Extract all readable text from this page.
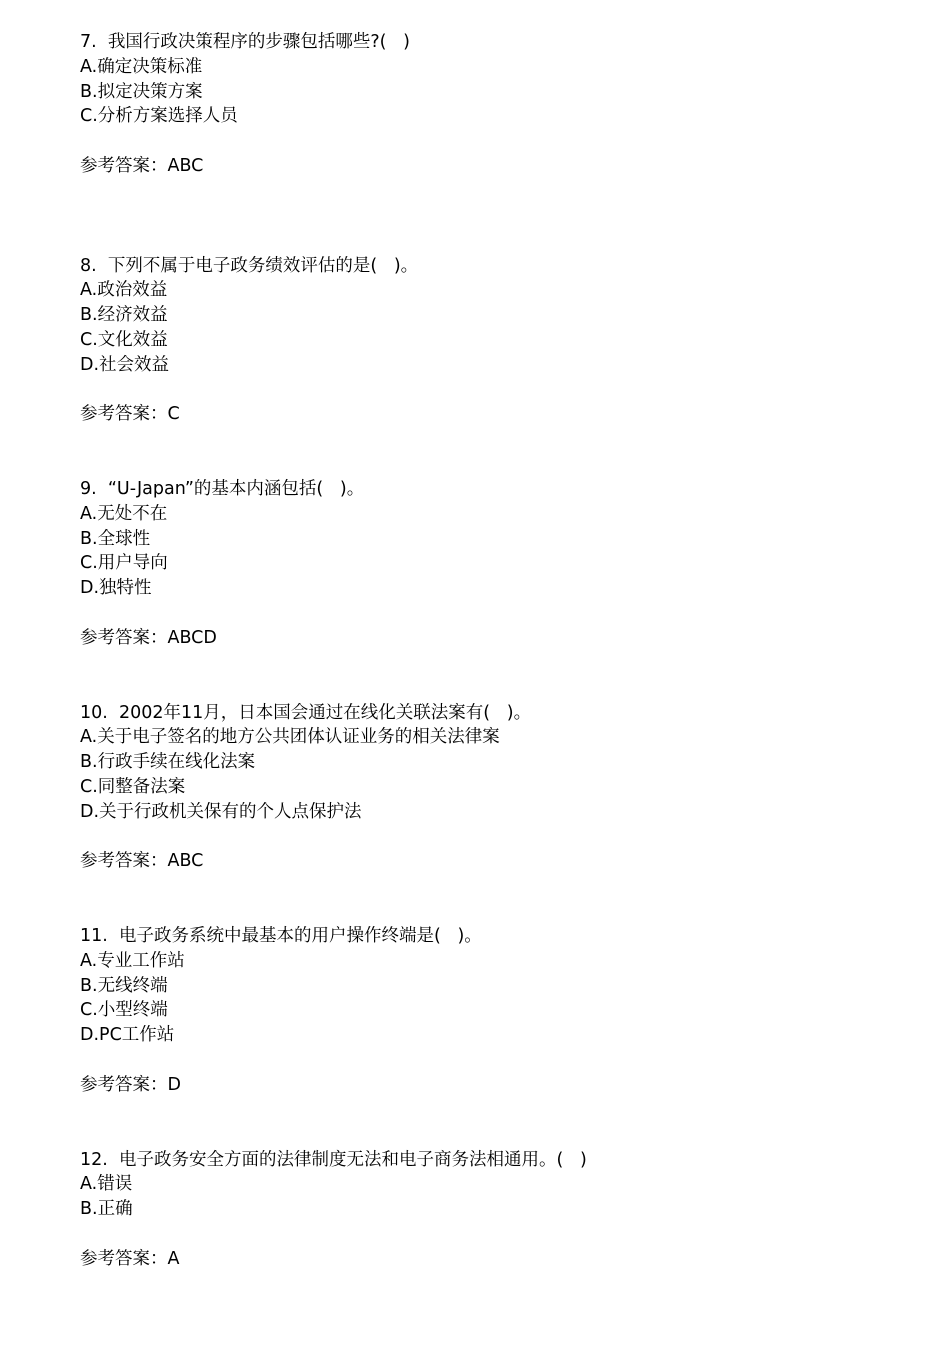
7.  我国行政决策程序的步骤包括哪些?(   )
A.确定决策标准
B.拟定决策方案
C.分析方案选择人员
参考答案：ABC
8.  下列不属于电子政务绩效评估的是(   )。
A.政治效益
B.经济效益
C.文化效益
D.社会效益
参考答案：C
9.  “U-Japan”的基本内涵包括(   )。
A.无处不在
B.全球性
C.用户导向
D.独特性
参考答案：ABCD
10.  2002年11月，日本国会通过在线化关联法案有(   )。
A.关于电子签名的地方公共团体认证业务的相关法律案
B.行政手续在线化法案
C.同整备法案
D.关于行政机关保有的个人点保护法
参考答案：ABC
11.  电子政务系统中最基本的用户操作终端是(   )。
A.专业工作站
B.无线终端
C.小型终端
D.PC工作站
参考答案：D
12.  电子政务安全方面的法律制度无法和电子商务法相通用。(   )
A.错误
B.正确
参考答案：A
